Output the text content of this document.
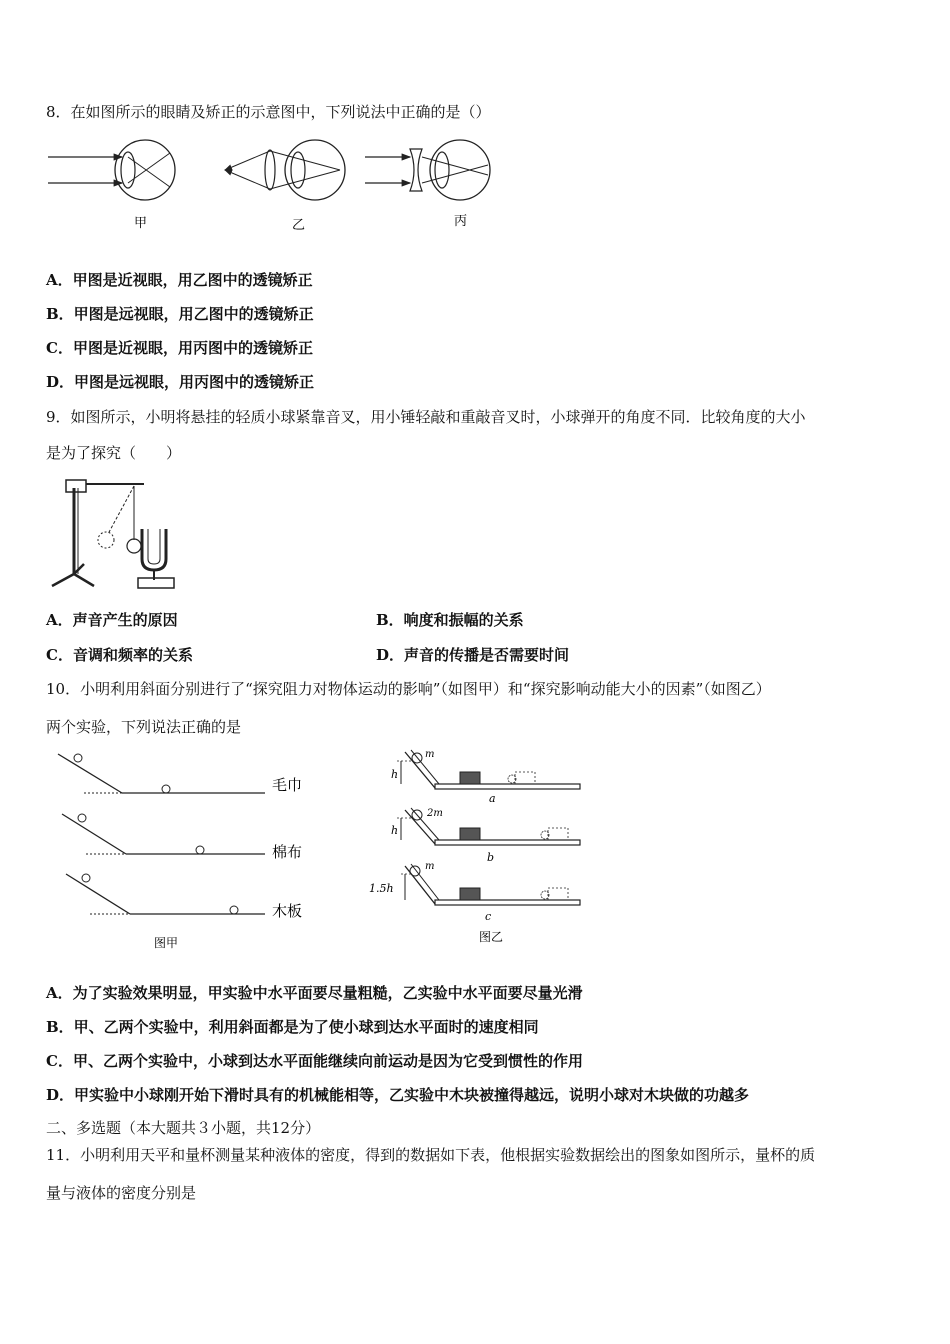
8．在如图所示的眼睛及矫正的示意图中，下列说法中正确的是（）
甲	乙	丙
A．甲图是近视眼，用乙图中的透镜矫正
B．甲图是远视眼，用乙图中的透镜矫正
C．甲图是近视眼，用丙图中的透镜矫正
D．甲图是远视眼，用丙图中的透镜矫正
9．如图所示，小明将悬挂的轻质小球紧靠音叉，用小锤轻敲和重敲音叉时，小球弹开的角度不同．比较角度的大小
是为了探究（　　）
A．声音产生的原因	B．响度和振幅的关系
C．音调和频率的关系	D．声音的传播是否需要时间
10．小明利用斜面分别进行了“探究阻力对物体运动的影响”（如图甲）和“探究影响动能大小的因素”（如图乙）
两个实验，下列说法正确的是
毛巾
棉布
木板
图甲
m
h
a
2m
h
b
m
1.5h
c
图乙
A．为了实验效果明显，甲实验中水平面要尽量粗糙，乙实验中水平面要尽量光滑
B．甲、乙两个实验中，利用斜面都是为了使小球到达水平面时的速度相同
C．甲、乙两个实验中，小球到达水平面能继续向前运动是因为它受到惯性的作用
D．甲实验中小球刚开始下滑时具有的机械能相等，乙实验中木块被撞得越远，说明小球对木块做的功越多
二、多选题（本大题共３小题，共12分）
11．小明利用天平和量杯测量某种液体的密度，得到的数据如下表，他根据实验数据绘出的图象如图所示，量杯的质
量与液体的密度分别是
